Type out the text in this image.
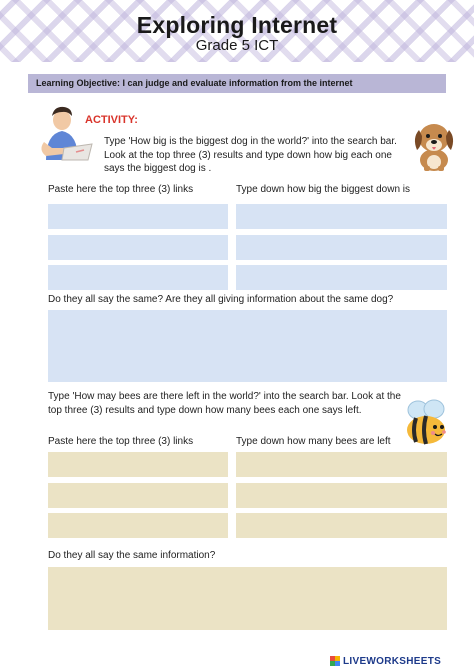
Exploring Internet
Grade 5 ICT
Learning Objective: I can judge and evaluate information from the internet
ACTIVITY:
Type 'How big is the biggest dog in the world?' into the search bar. Look at the top three (3) results and type down how big each one says the biggest dog is .
Paste here the top three (3) links	Type down how big the biggest down is
Do they all say the same? Are they all giving information about the same dog?
Type 'How may bees are there left in the world?' into the search bar. Look at the top three (3) results and type down how many bees each one says left.
Paste here the top three (3) links	Type down how many bees are left
Do they all say the same information?
LIVEWORKSHEETS
